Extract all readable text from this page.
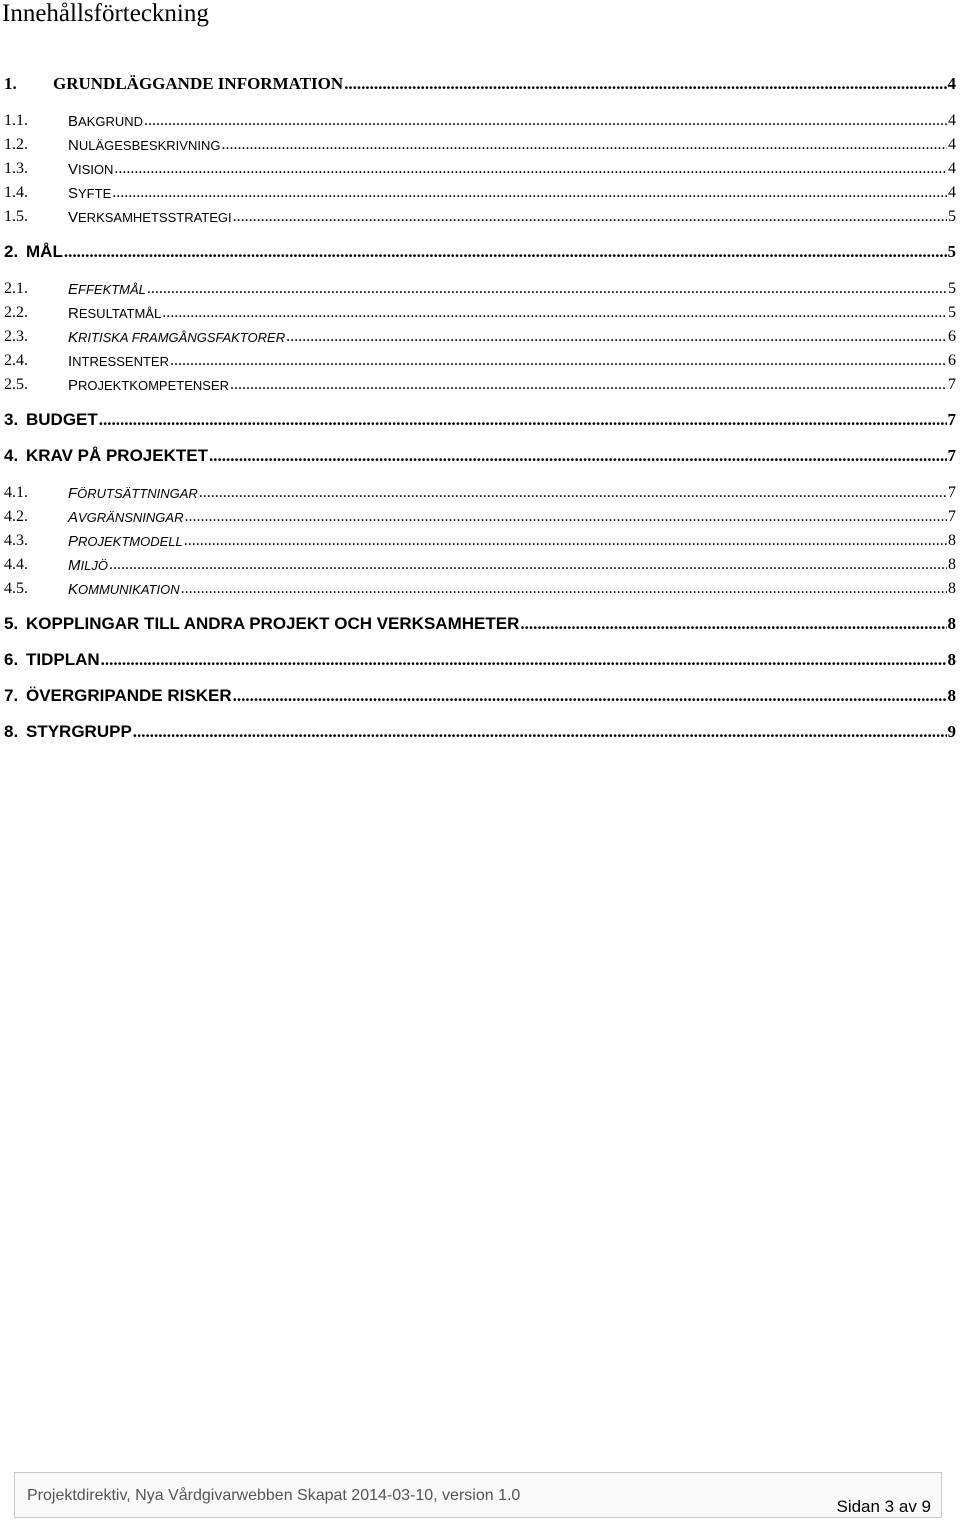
Innehållsförteckning
1.	GRUNDLÄGGANDE INFORMATION .....	4
1.1.	BAKGRUND .....	4
1.2.	NULÄGESBESKRIVNING .....	4
1.3.	VISION .....	4
1.4.	SYFTE .....	4
1.5.	VERKSAMHETSSTRATEGI .....	5
2. MÅL .....	5
2.1.	EFFEKTMÅL .....	5
2.2.	RESULTATMÅL .....	5
2.3.	KRITISKA FRAMGÅNGSFAKTORER .....	6
2.4.	INTRESSENTER .....	6
2.5.	PROJEKTKOMPETENSER .....	7
3. BUDGET .....	7
4. KRAV PÅ PROJEKTET .....	7
4.1.	FÖRUTSÄTTNINGAR .....	7
4.2.	AVGRÄNSNINGAR .....	7
4.3.	PROJEKTMODELL .....	8
4.4.	MILJÖ .....	8
4.5.	KOMMUNIKATION .....	8
5. KOPPLINGAR TILL ANDRA PROJEKT OCH VERKSAMHETER .....	8
6. TIDPLAN .....	8
7. ÖVERGRIPANDE RISKER .....	8
8. STYRGRUPP .....	9
Projektdirektiv, Nya Vårdgivarwebben Skapat 2014-03-10, version 1.0
Sidan 3 av 9
